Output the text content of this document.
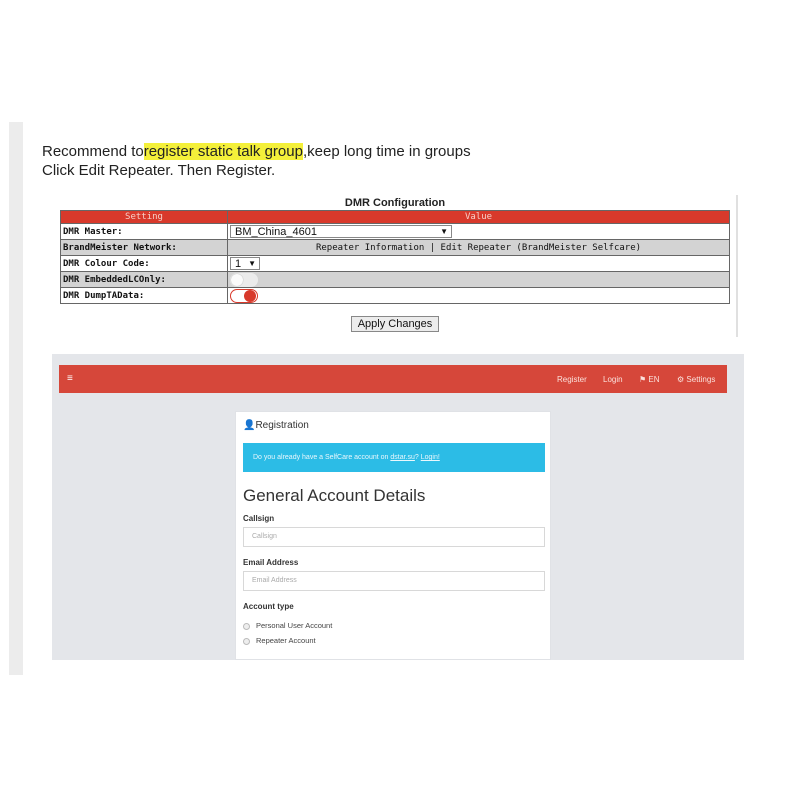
Recommend toregister static talk group,keep long time in groups
Click Edit Repeater. Then Register.
DMR Configuration
Setting	Value
DMR Master:	BM_China_4601 ▼

BrandMeister Network:	Repeater Information | Edit Repeater (BrandMeister Selfcare)
DMR Colour Code:	1 ▼

DMR EmbeddedLCOnly:	

DMR DumpTAData:	
Apply Changes
≡	Register Login ⚑ EN ⚙ Settings
👤Registration
Do you already have a SelfCare account on dstar.su? Login!
General Account Details
Callsign
Callsign
Email Address
Email Address
Account type
Personal User Account
Repeater Account
